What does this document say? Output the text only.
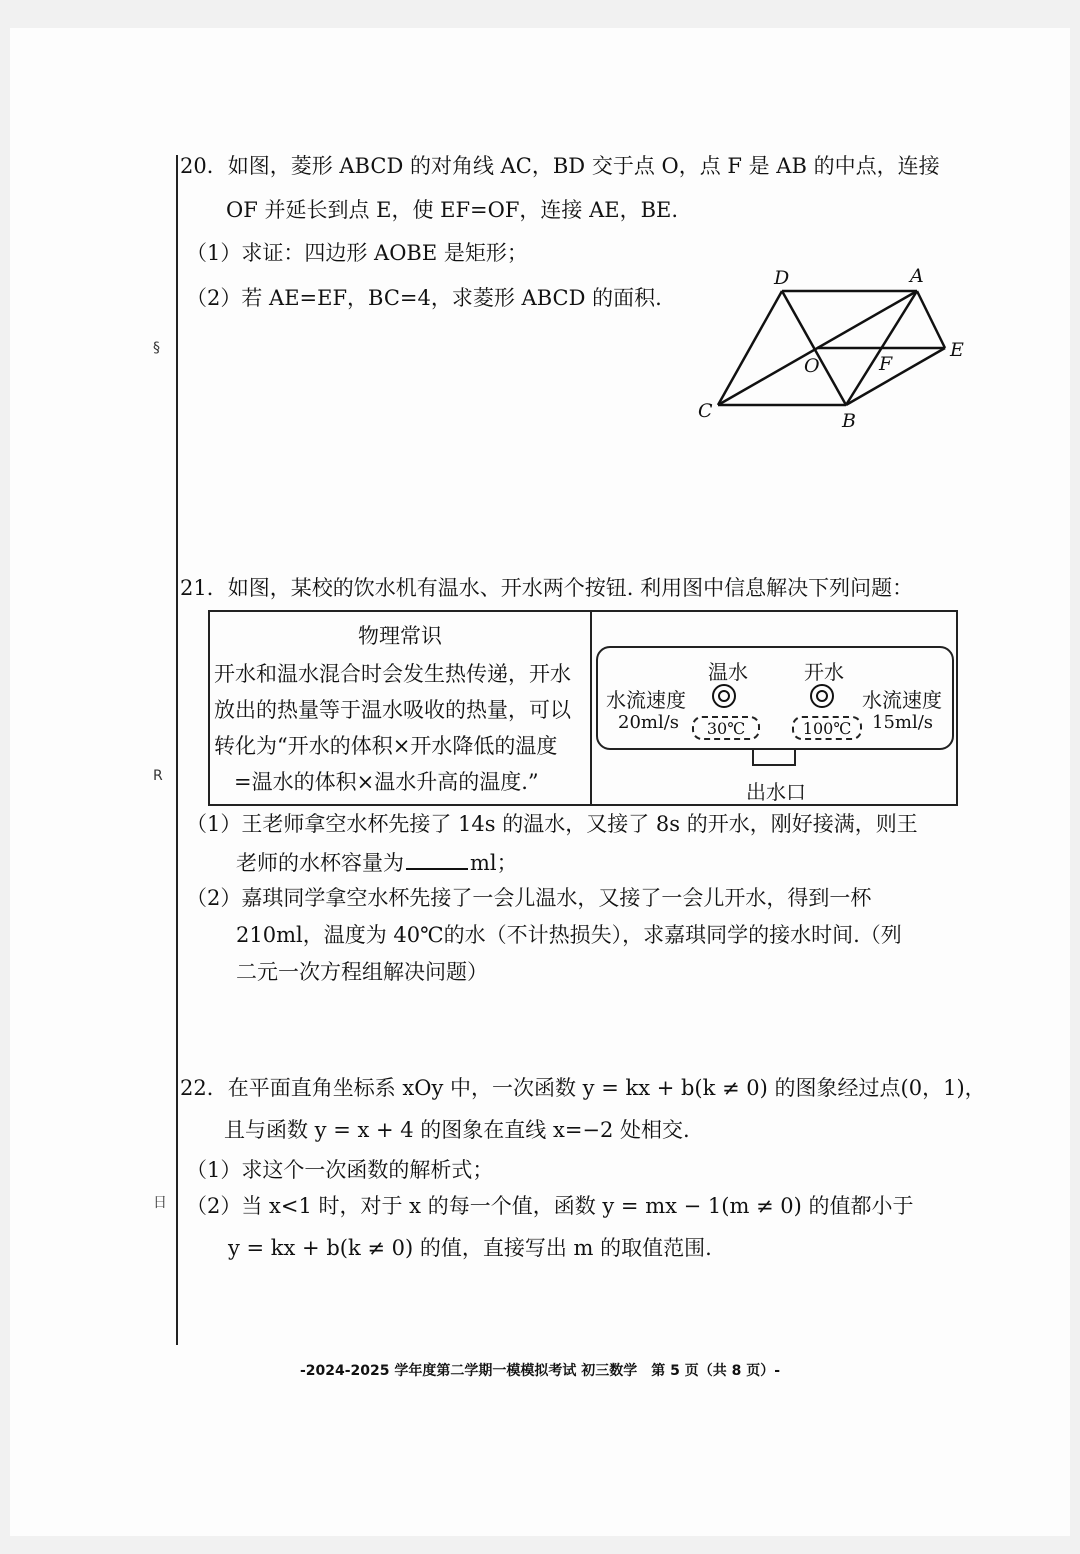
§
R
日
20．如图，菱形 ABCD 的对角线 AC，BD 交于点 O，点 F 是 AB 的中点，连接
OF 并延长到点 E，使 EF=OF，连接 AE，BE.
（1）求证：四边形 AOBE 是矩形；
（2）若 AE=EF，BC=4，求菱形 ABCD 的面积.
D	A
E
O	F
C	B
21．如图，某校的饮水机有温水、开水两个按钮. 利用图中信息解决下列问题：
物理常识
开水和温水混合时会发生热传递，开水
放出的热量等于温水吸收的热量，可以
转化为“开水的体积×开水降低的温度
=温水的体积×温水升高的温度.”
温水	开水
水流速度
20ml/s
水流速度
15ml/s
30℃	100℃
出水口
（1）王老师拿空水杯先接了 14s 的温水，又接了 8s 的开水，刚好接满，则王
老师的水杯容量为	ml；
（2）嘉琪同学拿空水杯先接了一会儿温水，又接了一会儿开水，得到一杯
210ml，温度为 40℃的水（不计热损失），求嘉琪同学的接水时间.（列
二元一次方程组解决问题）
22．在平面直角坐标系 xOy 中，一次函数 y = kx + b(k ≠ 0) 的图象经过点(0，1)，
且与函数 y = x + 4 的图象在直线 x=−2 处相交.
（1）求这个一次函数的解析式；
（2）当 x<1 时，对于 x 的每一个值，函数 y = mx − 1(m ≠ 0) 的值都小于
y = kx + b(k ≠ 0) 的值，直接写出 m 的取值范围.
-2024-2025 学年度第二学期一模模拟考试 初三数学　第 5 页（共 8 页）-
